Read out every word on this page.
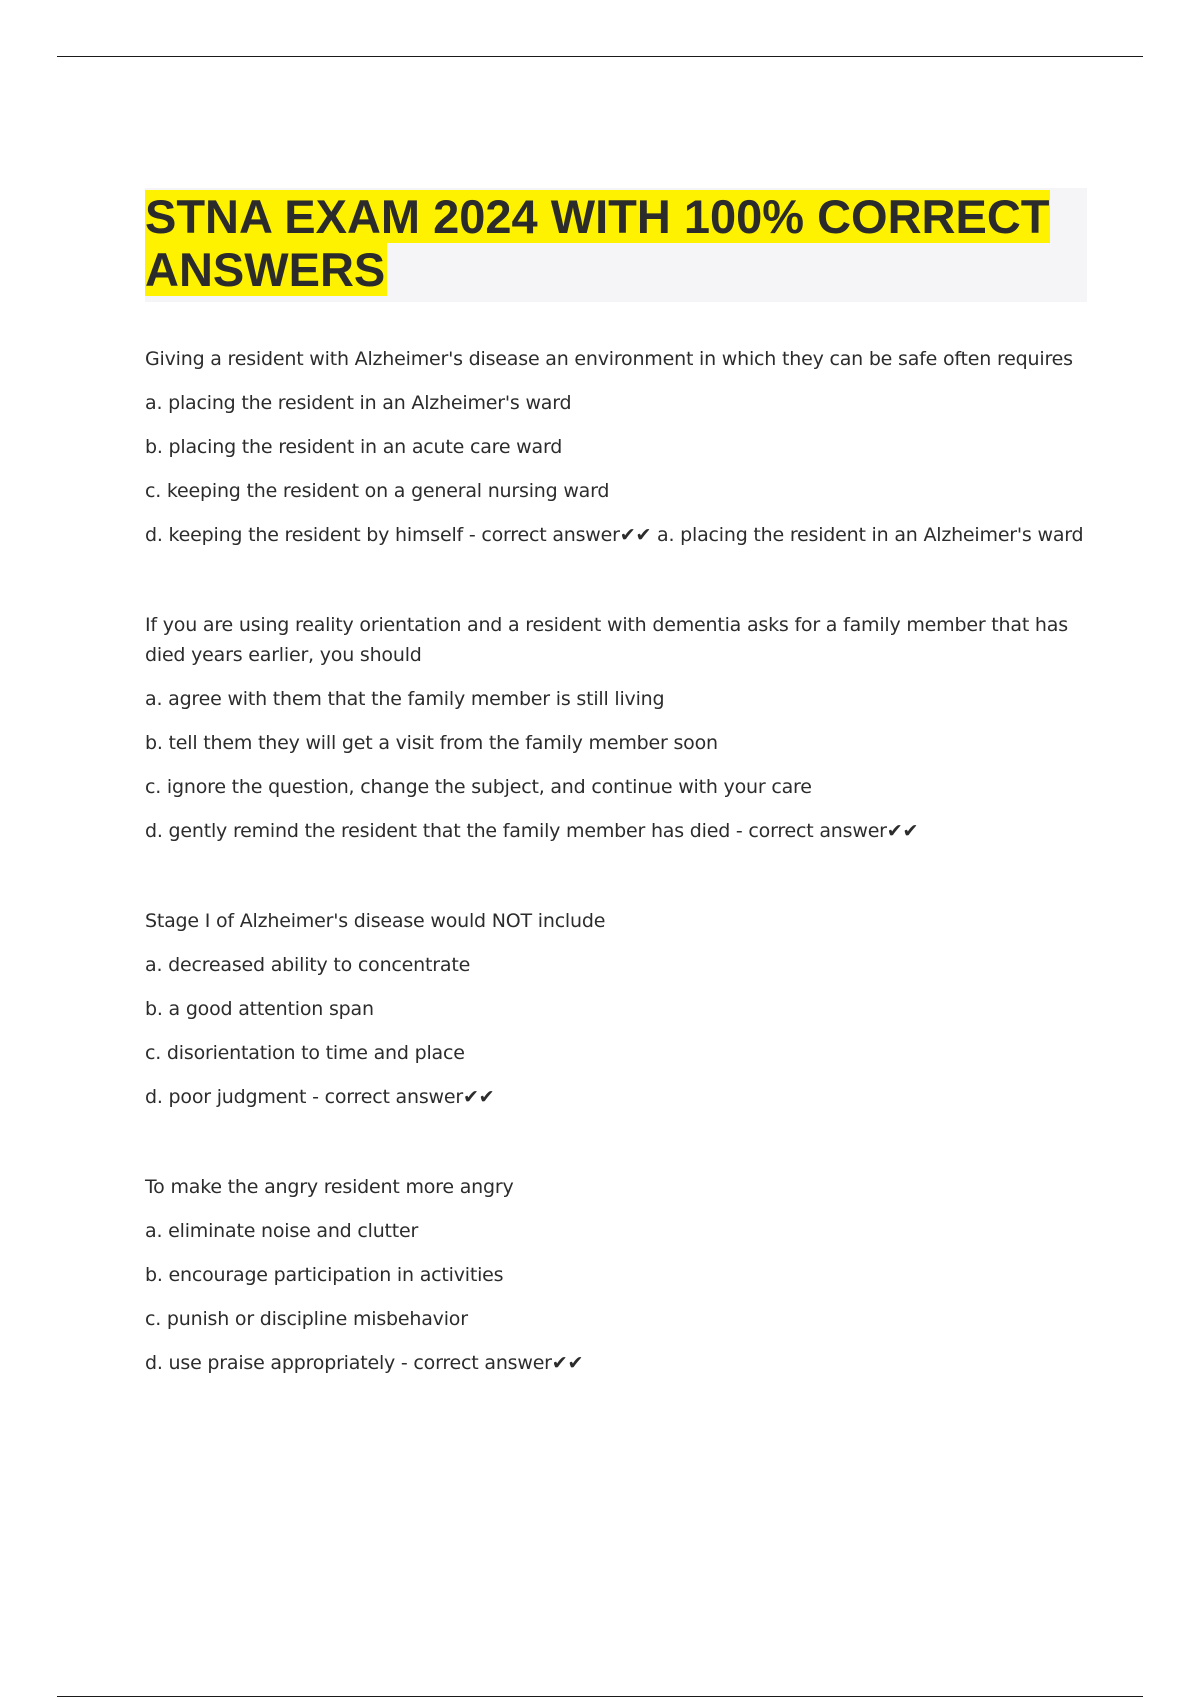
STNA EXAM 2024 WITH 100% CORRECT ANSWERS

Giving a resident with Alzheimer's disease an environment in which they can be safe often requires

a. placing the resident in an Alzheimer's ward

b. placing the resident in an acute care ward

c. keeping the resident on a general nursing ward

d. keeping the resident by himself - correct answer✔✔ a. placing the resident in an Alzheimer's ward

If you are using reality orientation and a resident with dementia asks for a family member that has died years earlier, you should

a. agree with them that the family member is still living

b. tell them they will get a visit from the family member soon

c. ignore the question, change the subject, and continue with your care

d. gently remind the resident that the family member has died - correct answer✔✔

Stage I of Alzheimer's disease would NOT include

a. decreased ability to concentrate

b. a good attention span

c. disorientation to time and place

d. poor judgment - correct answer✔✔

To make the angry resident more angry

a. eliminate noise and clutter

b. encourage participation in activities

c. punish or discipline misbehavior

d. use praise appropriately - correct answer✔✔
